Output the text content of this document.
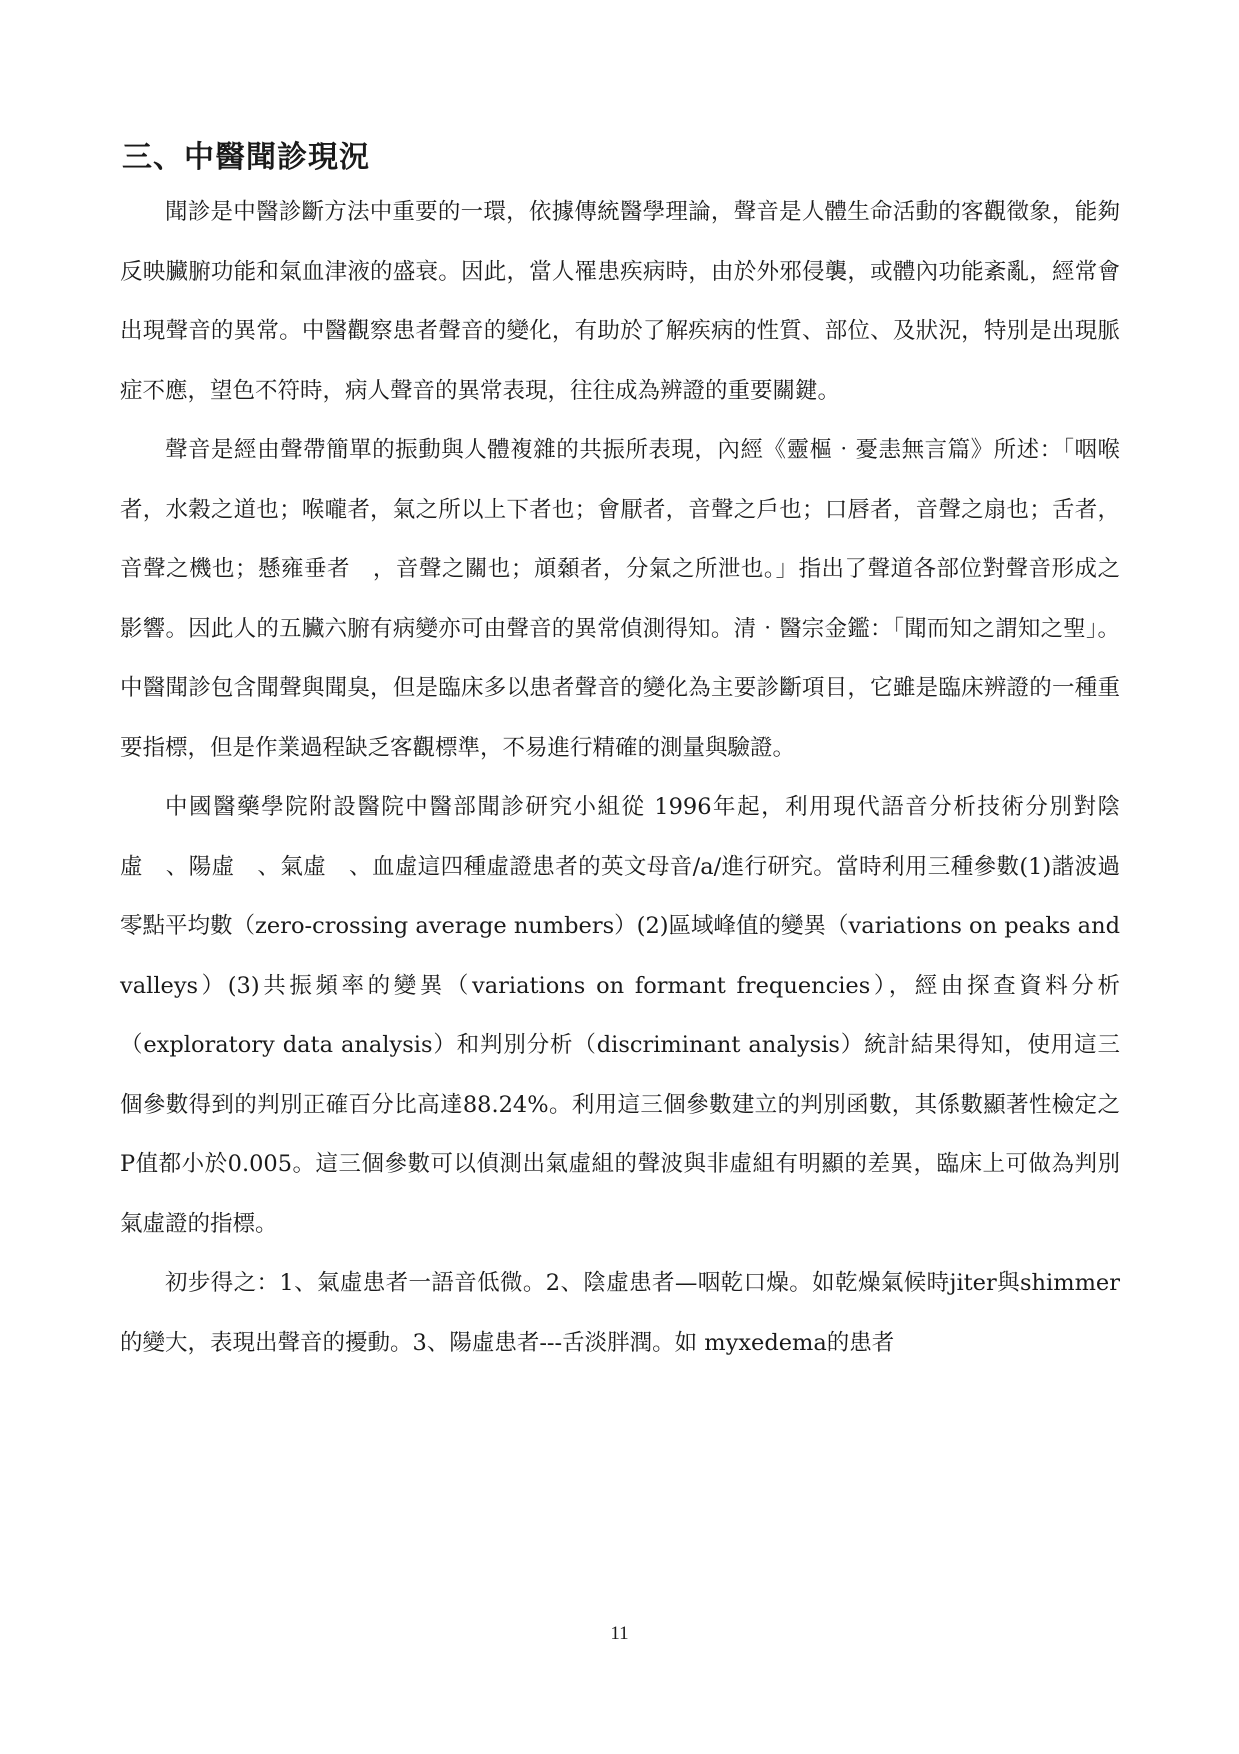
三、中醫聞診現況

聞診是中醫診斷方法中重要的一環，依據傳統醫學理論，聲音是人體生命活動的客觀徵象，能夠反映臟腑功能和氣血津液的盛衰。因此，當人罹患疾病時，由於外邪侵襲，或體內功能紊亂，經常會出現聲音的異常。中醫觀察患者聲音的變化，有助於了解疾病的性質、部位、及狀況，特別是出現脈症不應，望色不符時，病人聲音的異常表現，往往成為辨證的重要關鍵。

聲音是經由聲帶簡單的振動與人體複雜的共振所表現，內經《靈樞‧憂恚無言篇》所述：「咽喉者，水穀之道也；喉嚨者，氣之所以上下者也；會厭者，音聲之戶也；口唇者，音聲之扇也；舌者，音聲之機也；懸雍垂者　，音聲之關也；頏顙者，分氣之所泄也。」指出了聲道各部位對聲音形成之影響。因此人的五臟六腑有病變亦可由聲音的異常偵測得知。清‧醫宗金鑑：「聞而知之謂知之聖」。中醫聞診包含聞聲與聞臭，但是臨床多以患者聲音的變化為主要診斷項目，它雖是臨床辨證的一種重要指標，但是作業過程缺乏客觀標準，不易進行精確的測量與驗證。

中國醫藥學院附設醫院中醫部聞診研究小組從 1996年起，利用現代語音分析技術分別對陰虛　、陽虛　、氣虛　、血虛這四種虛證患者的英文母音/a/進行研究。當時利用三種參數(1)諧波過零點平均數（zero-crossing average numbers）(2)區域峰值的變異（variations on peaks and valleys）(3)共振頻率的變異（variations on formant frequencies），經由探查資料分析（exploratory data analysis）和判別分析（discriminant analysis）統計結果得知，使用這三個參數得到的判別正確百分比高達88.24%。利用這三個參數建立的判別函數，其係數顯著性檢定之P值都小於0.005。這三個參數可以偵測出氣虛組的聲波與非虛組有明顯的差異，臨床上可做為判別氣虛證的指標。

初步得之：1、氣虛患者一語音低微。2、陰虛患者—咽乾口燥。如乾燥氣候時jiter與shimmer的變大，表現出聲音的擾動。3、陽虛患者---舌淡胖潤。如 myxedema的患者

11
